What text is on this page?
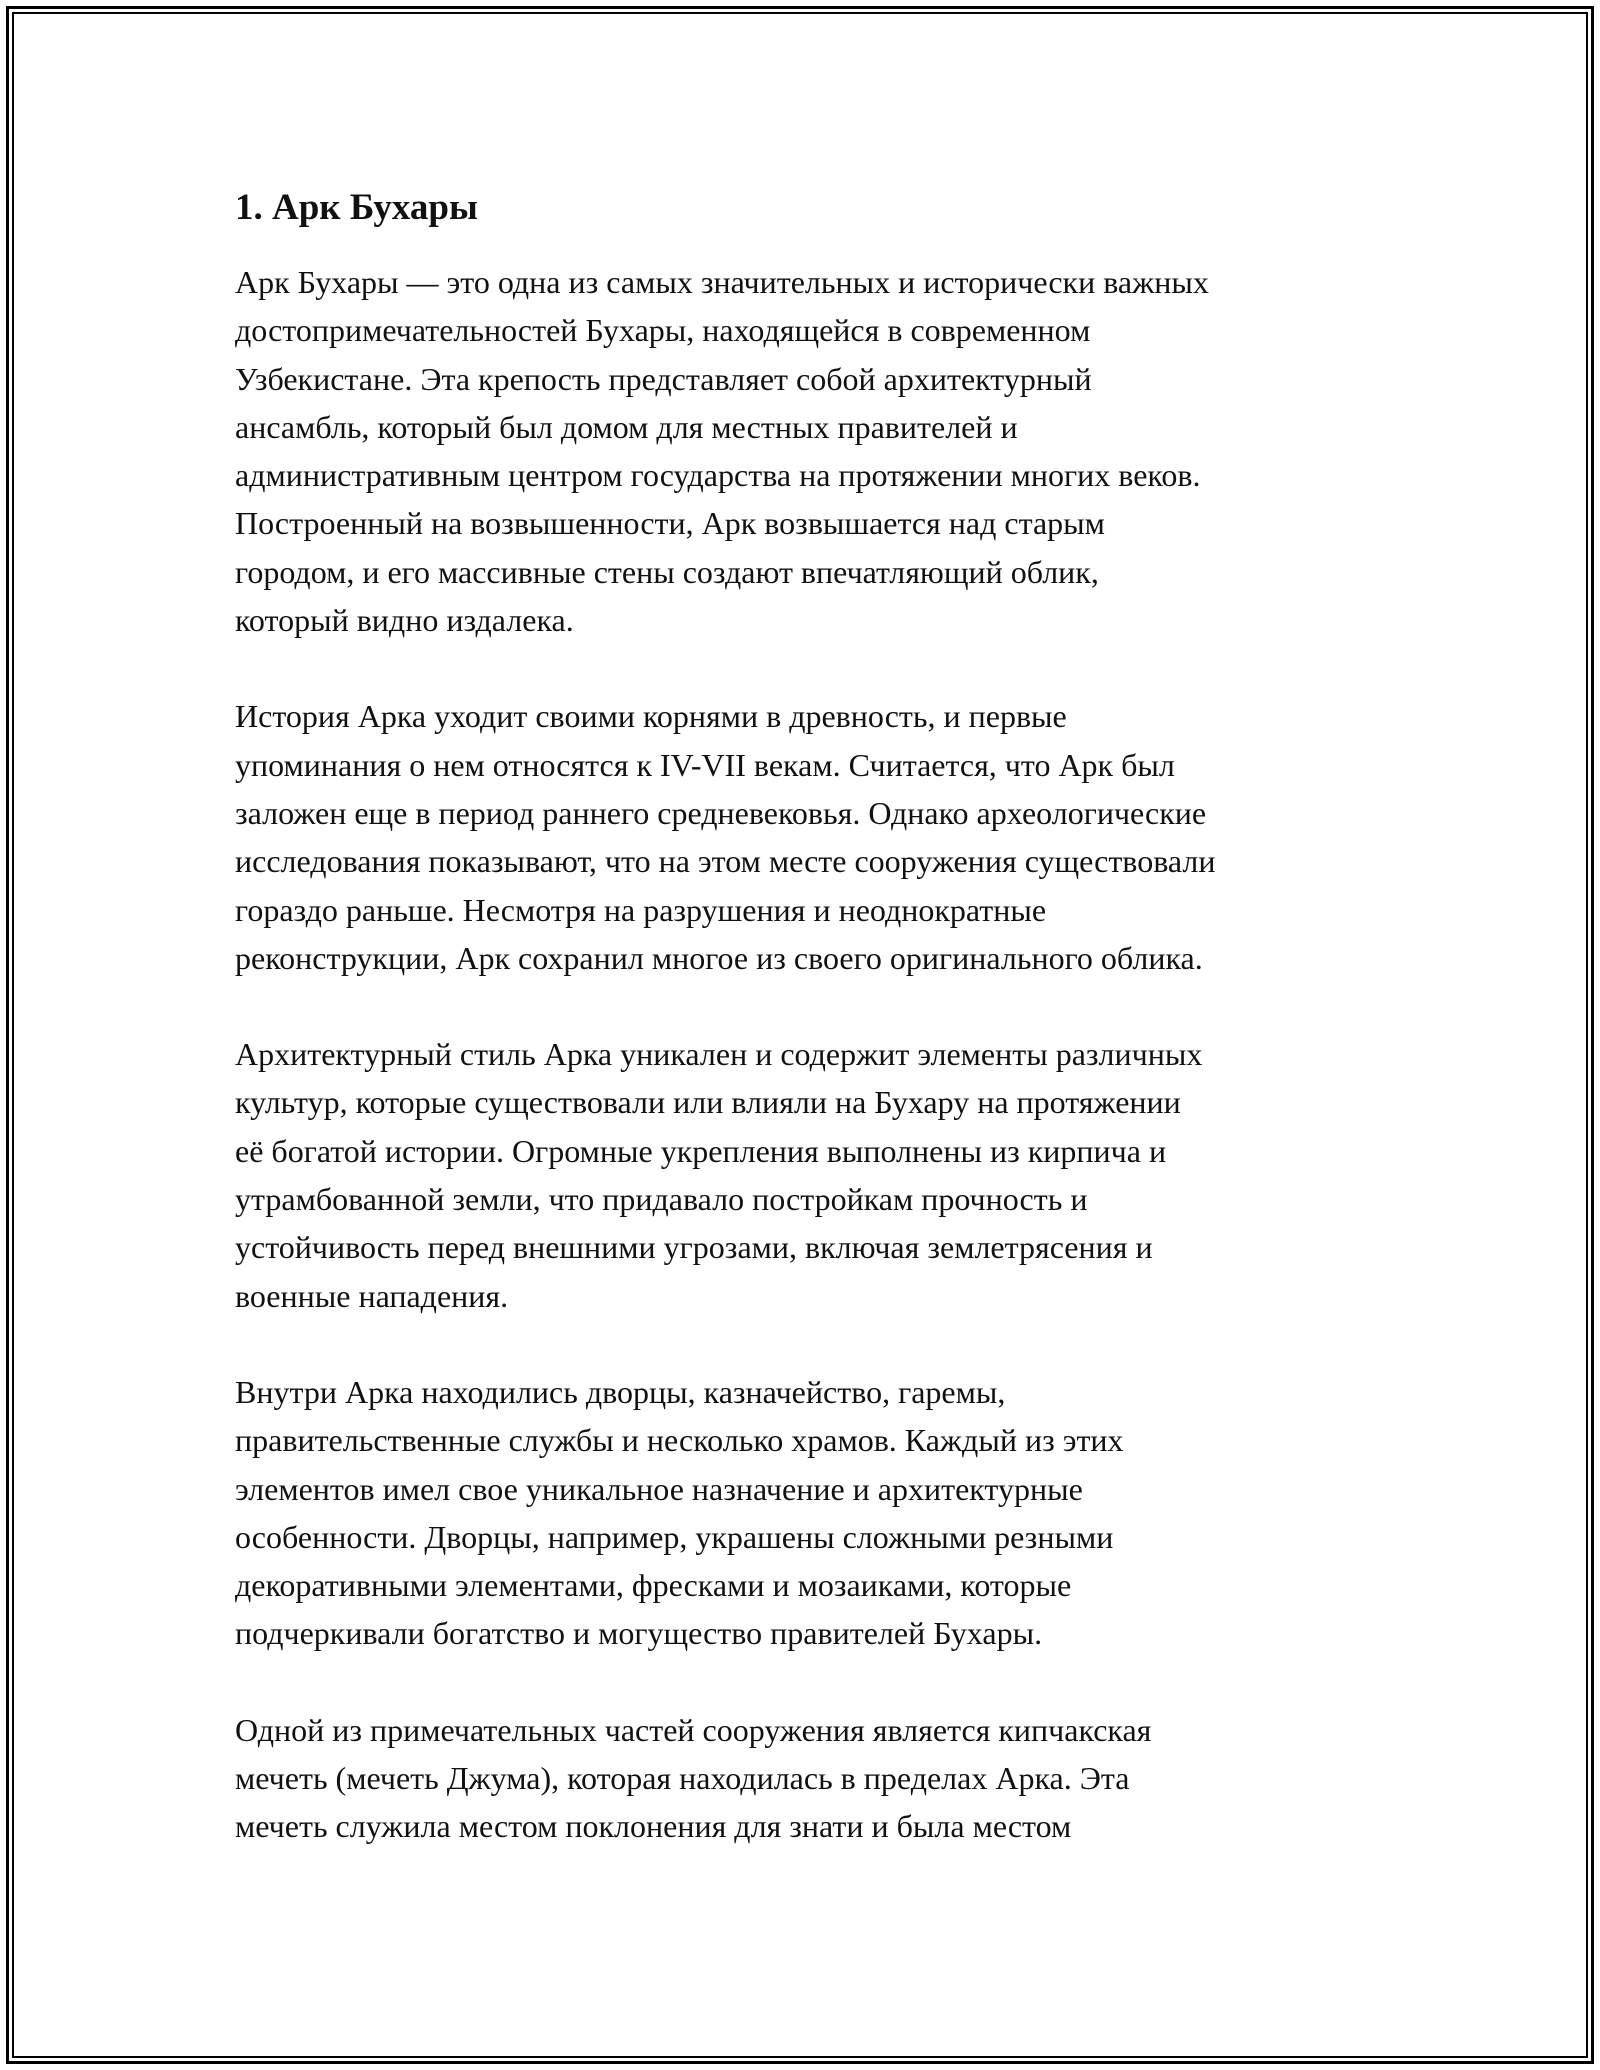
1. Арк Бухары

Арк Бухары — это одна из самых значительных и исторически важных
достопримечательностей Бухары, находящейся в современном
Узбекистане. Эта крепость представляет собой архитектурный
ансамбль, который был домом для местных правителей и
административным центром государства на протяжении многих веков.
Построенный на возвышенности, Арк возвышается над старым
городом, и его массивные стены создают впечатляющий облик,
который видно издалека.

История Арка уходит своими корнями в древность, и первые
упоминания о нем относятся к IV-VII векам. Считается, что Арк был
заложен еще в период раннего средневековья. Однако археологические
исследования показывают, что на этом месте сооружения существовали
гораздо раньше. Несмотря на разрушения и неоднократные
реконструкции, Арк сохранил многое из своего оригинального облика.

Архитектурный стиль Арка уникален и содержит элементы различных
культур, которые существовали или влияли на Бухару на протяжении
её богатой истории. Огромные укрепления выполнены из кирпича и
утрамбованной земли, что придавало постройкам прочность и
устойчивость перед внешними угрозами, включая землетрясения и
военные нападения.

Внутри Арка находились дворцы, казначейство, гаремы,
правительственные службы и несколько храмов. Каждый из этих
элементов имел свое уникальное назначение и архитектурные
особенности. Дворцы, например, украшены сложными резными
декоративными элементами, фресками и мозаиками, которые
подчеркивали богатство и могущество правителей Бухары.

Одной из примечательных частей сооружения является кипчакская
мечеть (мечеть Джума), которая находилась в пределах Арка. Эта
мечеть служила местом поклонения для знати и была местом
